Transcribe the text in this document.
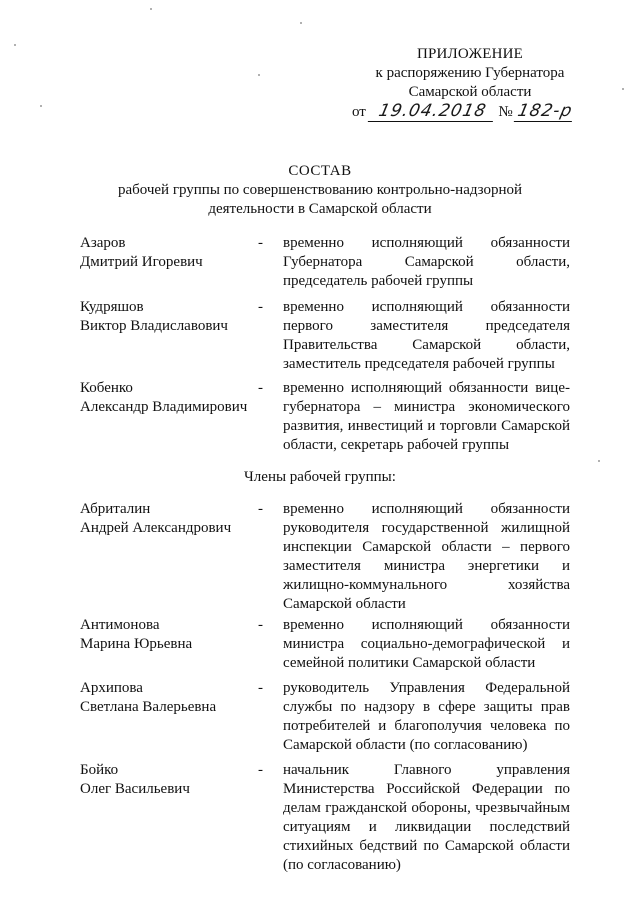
ПРИЛОЖЕНИЕ
к распоряжению Губернатора
Самарской области
от 19.04.2018 № 182-р
СОСТАВ
рабочей группы по совершенствованию контрольно-надзорной
деятельности в Самарской области
Азаров
Дмитрий Игоревич
- временно исполняющий обязанности Губернатора Самарской области, председатель рабочей группы
Кудряшов
Виктор Владиславович
- временно исполняющий обязанности первого заместителя председателя Правительства Самарской области, заместитель председателя рабочей группы
Кобенко
Александр Владимирович
- временно исполняющий обязанности вице-губернатора – министра экономического развития, инвестиций и торговли Самарской области, секретарь рабочей группы
Члены рабочей группы:
Абриталин
Андрей Александрович
- временно исполняющий обязанности руководителя государственной жилищной инспекции Самарской области – первого заместителя министра энергетики и жилищно-коммунального хозяйства Самарской области
Антимонова
Марина Юрьевна
- временно исполняющий обязанности министра социально-демографической и семейной политики Самарской области
Архипова
Светлана Валерьевна
- руководитель Управления Федеральной службы по надзору в сфере защиты прав потребителей и благополучия человека по Самарской области (по согласованию)
Бойко
Олег Васильевич
- начальник Главного управления Министерства Российской Федерации по делам гражданской обороны, чрезвычайным ситуациям и ликвидации последствий стихийных бедствий по Самарской области (по согласованию)
